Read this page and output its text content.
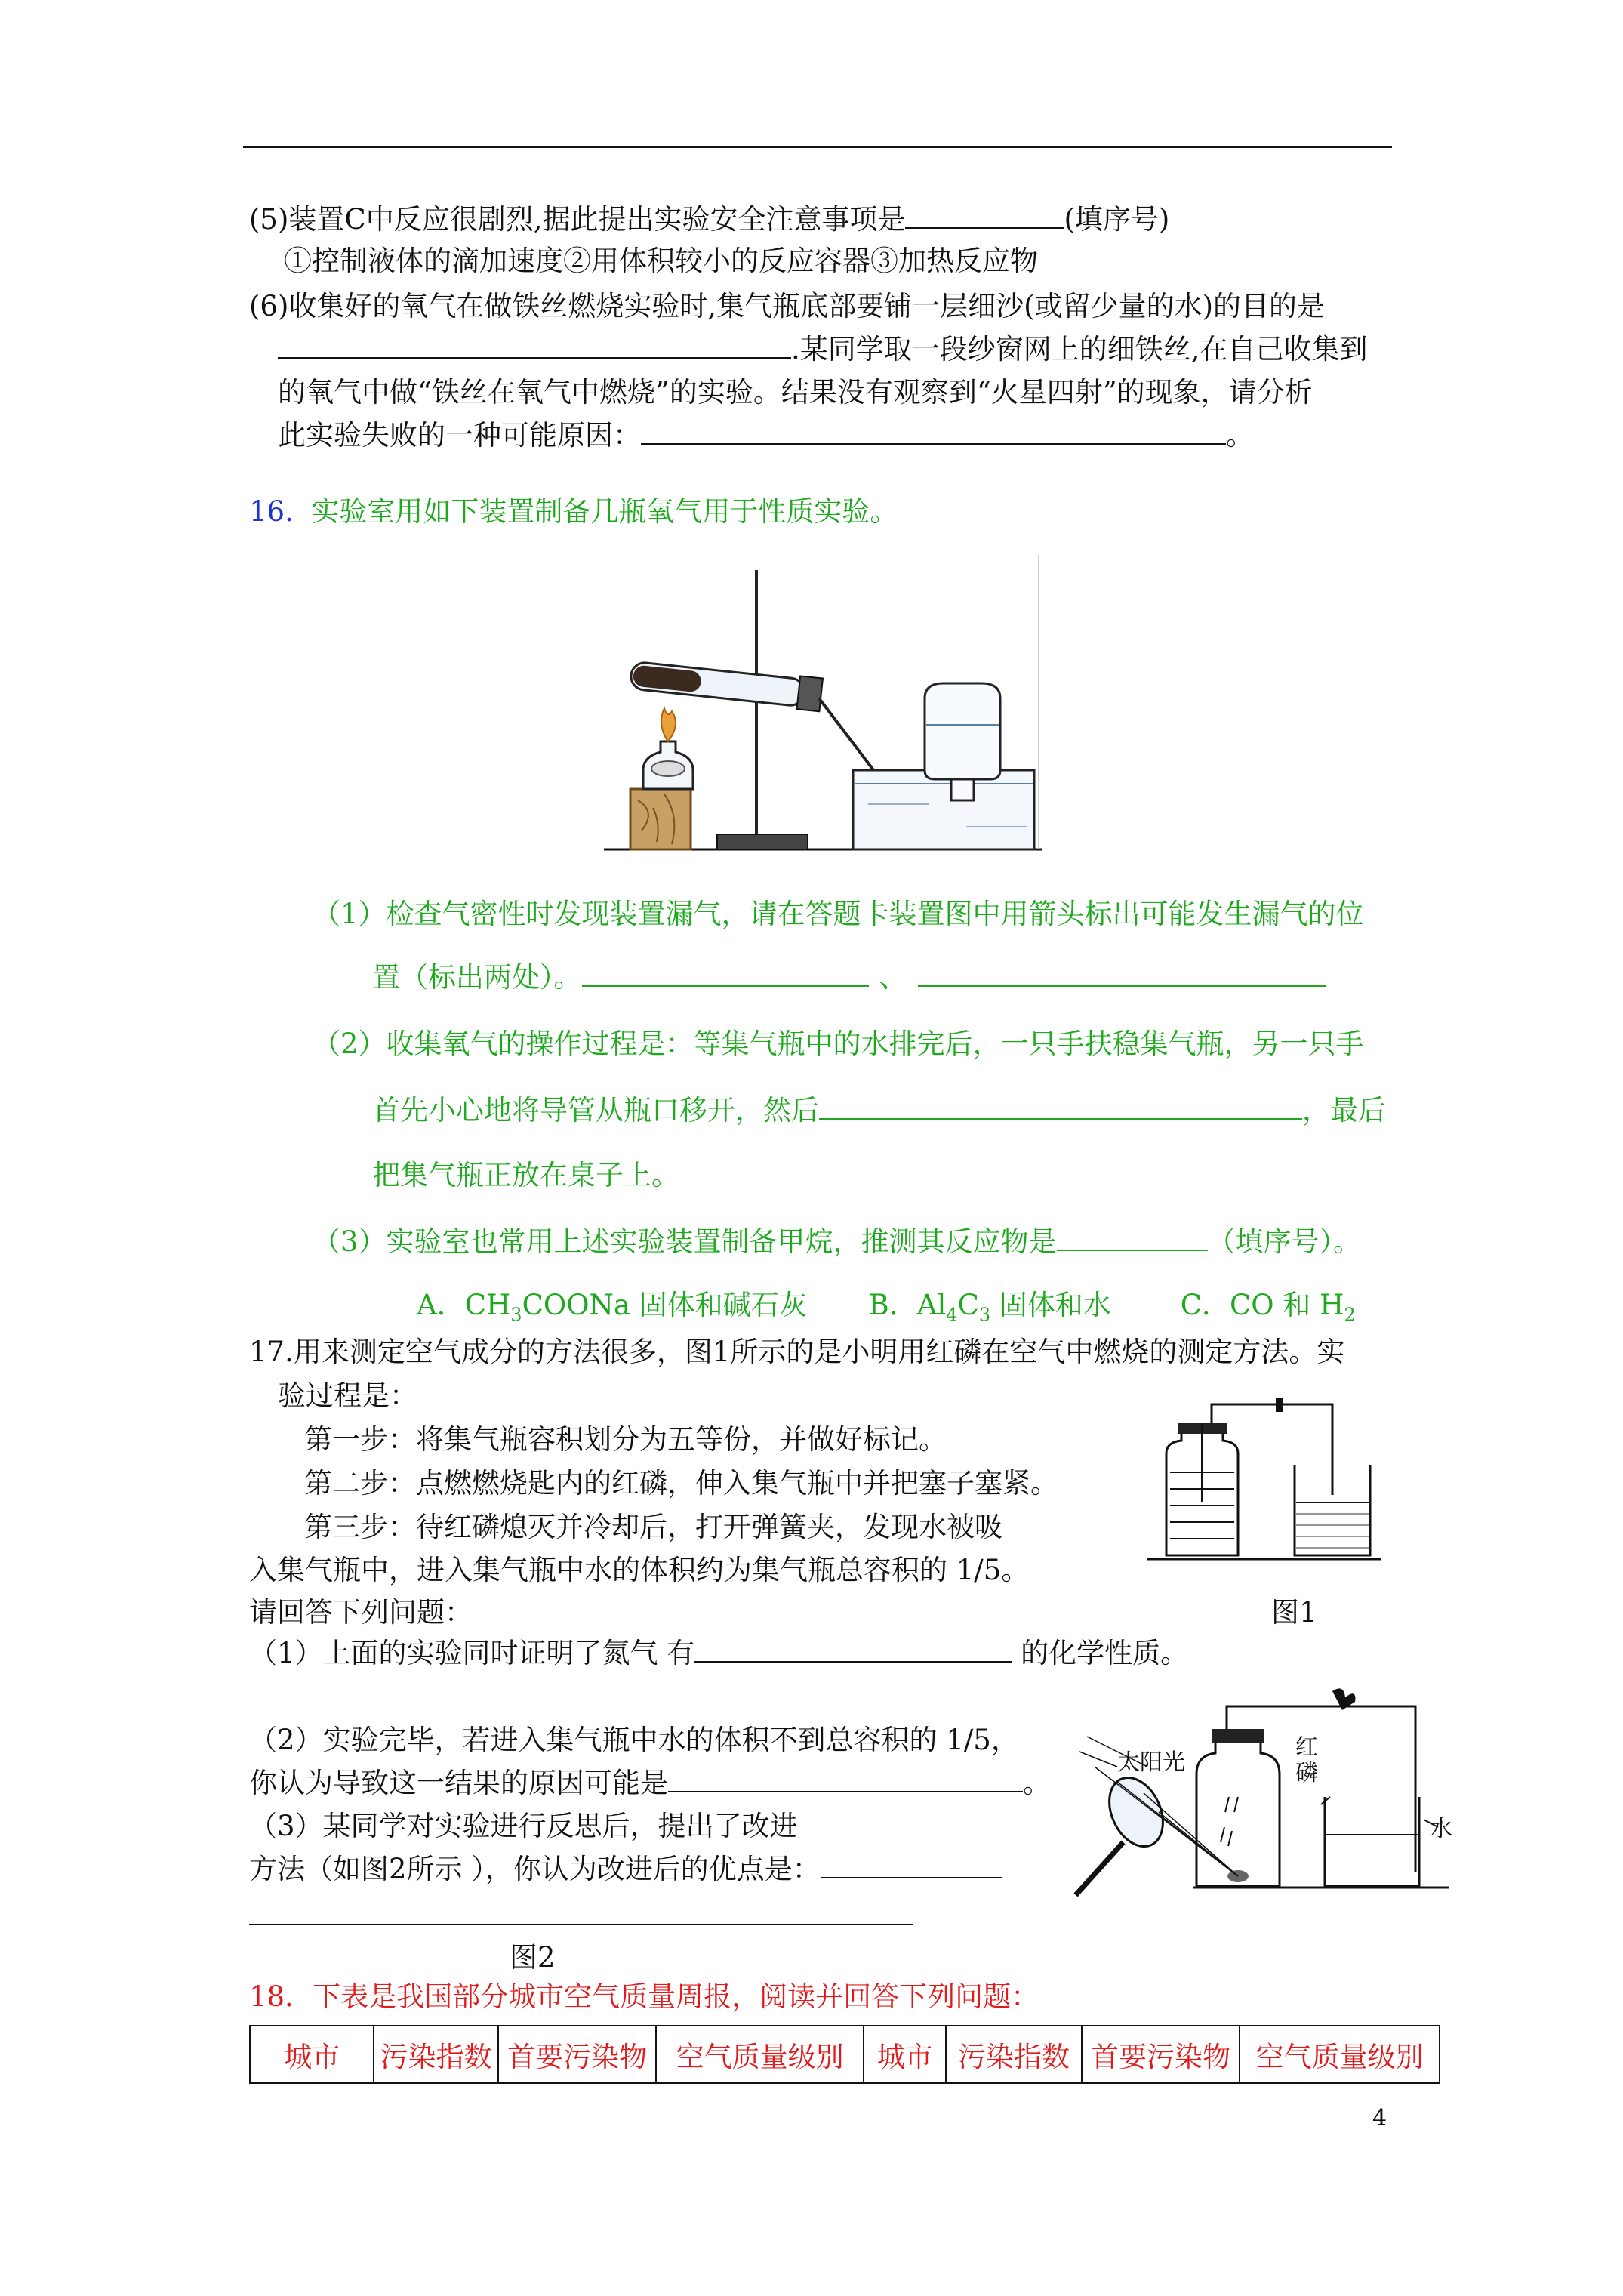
(5)装置C中反应很剧烈,据此提出实验安全注意事项是	(填序号)
①控制液体的滴加速度②用体积较小的反应容器③加热反应物
(6)收集好的氧气在做铁丝燃烧实验时,集气瓶底部要铺一层细沙(或留少量的水)的目的是
.某同学取一段纱窗网上的细铁丝,在自己收集到
的氧气中做“铁丝在氧气中燃烧”的实验。结果没有观察到“火星四射”的现象，请分析
此实验失败的一种可能原因：	。
16. 实验室用如下装置制备几瓶氧气用于性质实验。
（1）检查气密性时发现装置漏气，请在答题卡装置图中用箭头标出可能发生漏气的位
置（标出两处）。	、
（2）收集氧气的操作过程是：等集气瓶中的水排完后，一只手扶稳集气瓶，另一只手
首先小心地将导管从瓶口移开，然后	，最后
把集气瓶正放在桌子上。
（3）实验室也常用上述实验装置制备甲烷，推测其反应物是	（填序号）。
A．$CH_3COONa$ 固体和碱石灰 B．$Al_4C_3$ 固体和水 C．CO 和 $H_2$
17.用来测定空气成分的方法很多，图1所示的是小明用红磷在空气中燃烧的测定方法。实
验过程是：
第一步：将集气瓶容积划分为五等份，并做好标记。
第二步：点燃燃烧匙内的红磷，伸入集气瓶中并把塞子塞紧。
第三步：待红磷熄灭并冷却后，打开弹簧夹，发现水被吸
入集气瓶中，进入集气瓶中水的体积约为集气瓶总容积的 1/5。
请回答下列问题：	图1
（1）上面的实验同时证明了氮气 有	的化学性质。
（2）实验完毕，若进入集气瓶中水的体积不到总容积的 1/5，
你认为导致这一结果的原因可能是	。
（3）某同学对实验进行反思后，提出了改进
方法（如图2所示 ），你认为改进后的优点是：
图2
太阳光
红
磷
水
18．下表是我国部分城市空气质量周报，阅读并回答下列问题：
城市	污染指数	首要污染物	空气质量级别	城市	污染指数	首要污染物	空气质量级别
4
